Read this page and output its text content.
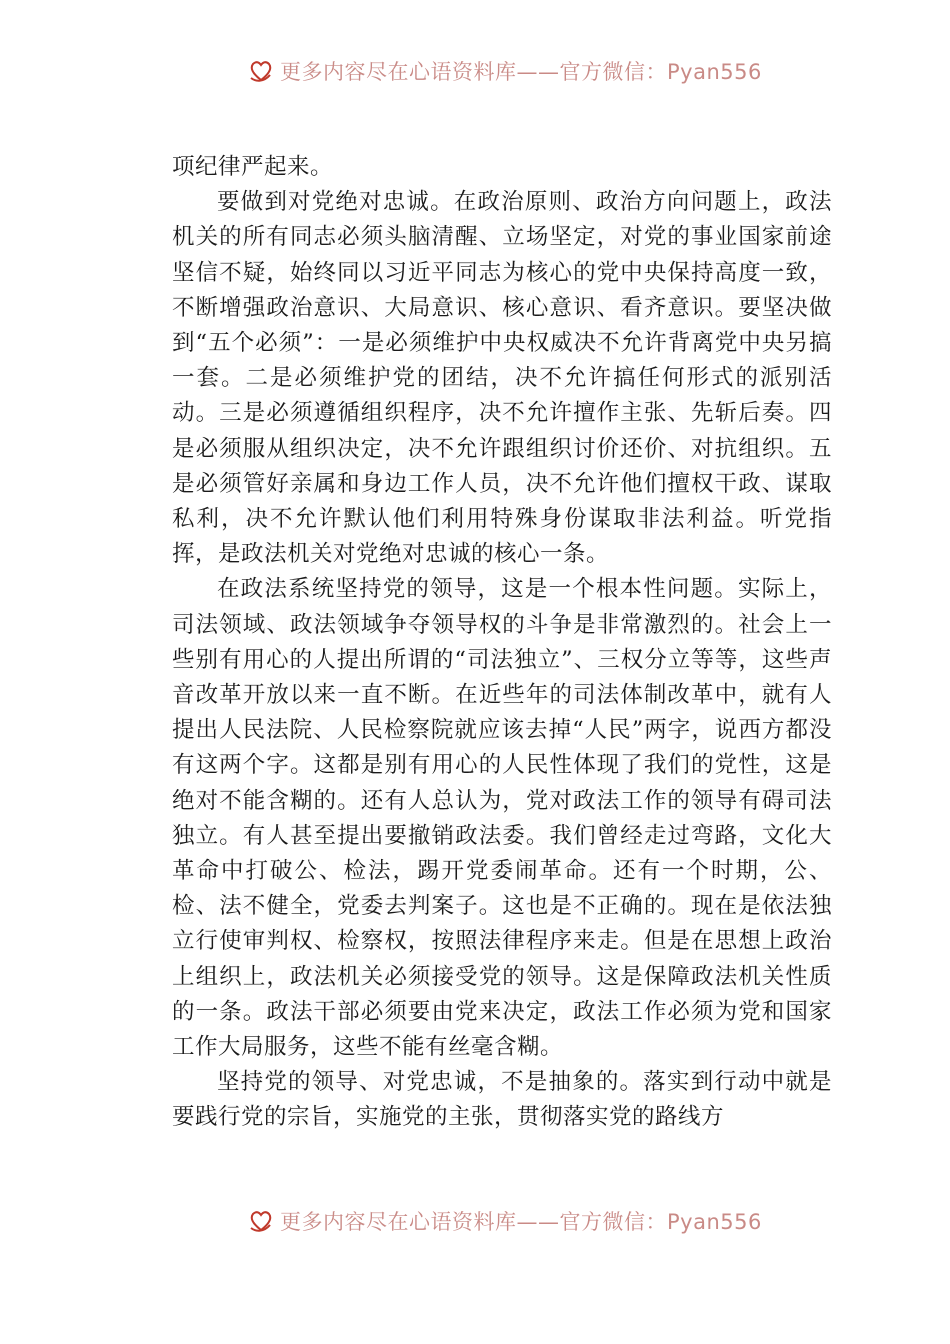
更多内容尽在心语资料库——官方微信：Pyan556

项纪律严起来。

要做到对党绝对忠诚。在政治原则、政治方向问题上，政法机关的所有同志必须头脑清醒、立场坚定，对党的事业国家前途坚信不疑，始终同以习近平同志为核心的党中央保持高度一致，不断增强政治意识、大局意识、核心意识、看齐意识。要坚决做到“五个必须”：一是必须维护中央权威决不允许背离党中央另搞一套。二是必须维护党的团结，决不允许搞任何形式的派别活动。三是必须遵循组织程序，决不允许擅作主张、先斩后奏。四是必须服从组织决定，决不允许跟组织讨价还价、对抗组织。五是必须管好亲属和身边工作人员，决不允许他们擅权干政、谋取私利，决不允许默认他们利用特殊身份谋取非法利益。听党指挥，是政法机关对党绝对忠诚的核心一条。

在政法系统坚持党的领导，这是一个根本性问题。实际上，司法领域、政法领域争夺领导权的斗争是非常激烈的。社会上一些别有用心的人提出所谓的“司法独立”、三权分立等等，这些声音改革开放以来一直不断。在近些年的司法体制改革中，就有人提出人民法院、人民检察院就应该去掉“人民”两字，说西方都没有这两个字。这都是别有用心的人民性体现了我们的党性，这是绝对不能含糊的。还有人总认为，党对政法工作的领导有碍司法独立。有人甚至提出要撤销政法委。我们曾经走过弯路，文化大革命中打破公、检法，踢开党委闹革命。还有一个时期，公、检、法不健全，党委去判案子。这也是不正确的。现在是依法独立行使审判权、检察权，按照法律程序来走。但是在思想上政治上组织上，政法机关必须接受党的领导。这是保障政法机关性质的一条。政法干部必须要由党来决定，政法工作必须为党和国家工作大局服务，这些不能有丝毫含糊。

坚持党的领导、对党忠诚，不是抽象的。落实到行动中就是要践行党的宗旨，实施党的主张，贯彻落实党的路线方

更多内容尽在心语资料库——官方微信：Pyan556
